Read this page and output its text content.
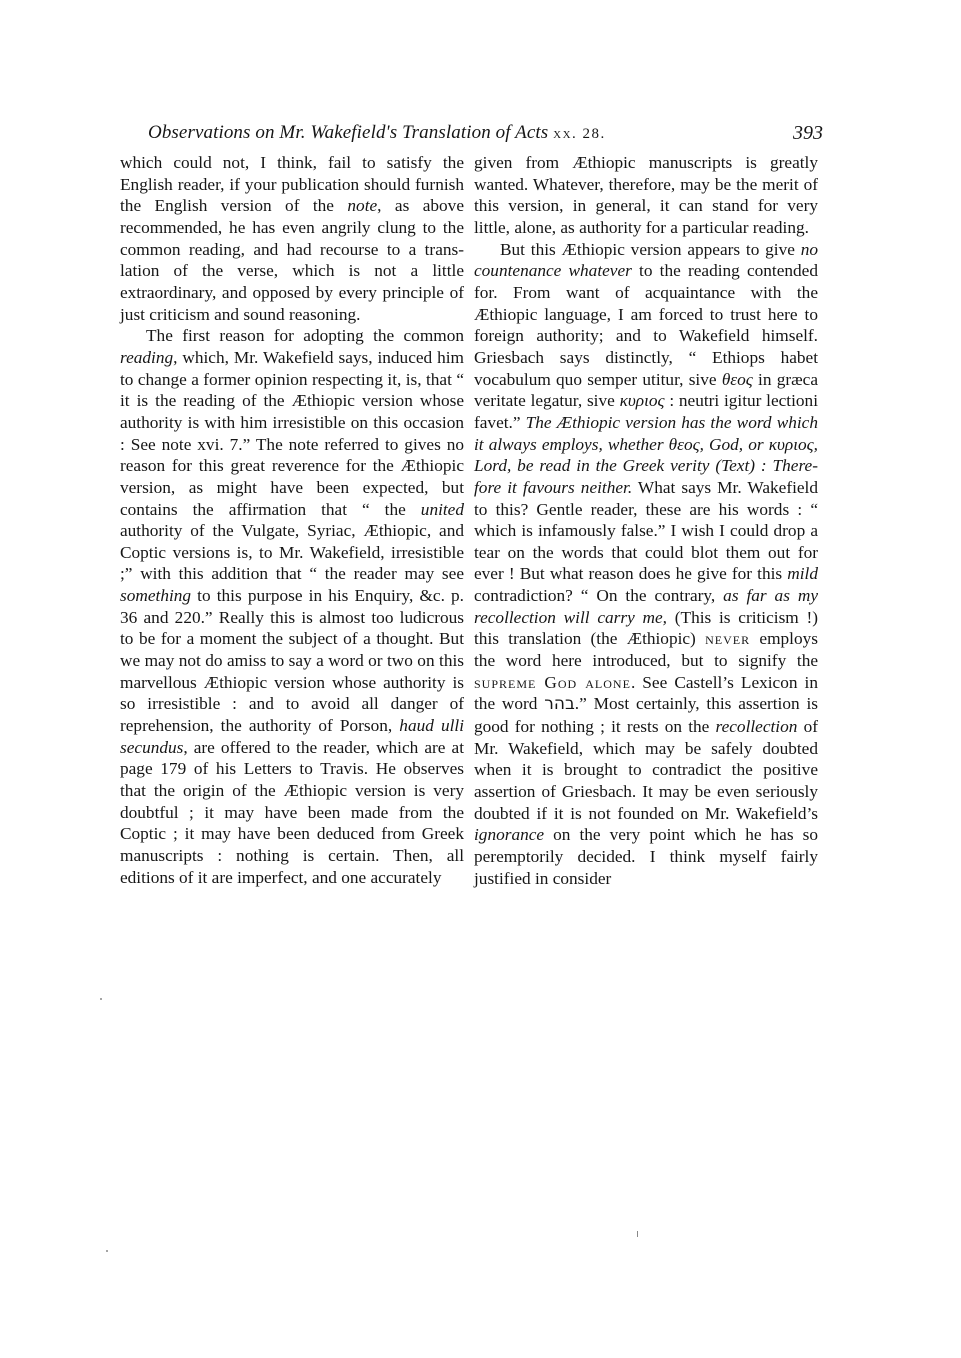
Observations on Mr. Wakefield's Translation of Acts xx. 28.	393

which could not, I think, fail to satisfy the English reader, if your publication should furnish the English version of the note, as above recommended, he has even angrily clung to the common reading, and had recourse to a translation of the verse, which is not a little extraordinary, and opposed by every principle of just criticism and sound reasoning.

The first reason for adopting the common reading, which, Mr. Wakefield says, induced him to change a former opinion respecting it, is, that “ it is the reading of the Æthiopic version whose authority is with him irresistible on this occasion : See note xvi. 7.” The note referred to gives no reason for this great reverence for the Æthiopic version, as might have been expected, but contains the affirmation that “ the united authority of the Vulgate, Syriac, Æthiopic, and Coptic versions is, to Mr. Wakefield, irresistible ;” with this addition that “ the reader may see something to this purpose in his Enquiry, &c. p. 36 and 220.” Really this is almost too ludicrous to be for a moment the subject of a thought. But we may not do amiss to say a word or two on this marvellous Æthiopic version whose authority is so irresistible : and to avoid all danger of reprehension, the authority of Porson, haud ulli secundus, are offered to the reader, which are at page 179 of his Letters to Travis. He observes that the origin of the Æthiopic version is very doubtful ; it may have been made from the Coptic ; it may have been deduced from Greek manuscripts : nothing is certain. Then, all editions of it are imperfect, and one accurately

given from Æthiopic manuscripts is greatly wanted. Whatever, therefore, may be the merit of this version, in general, it can stand for very little, alone, as authority for a particular reading.

But this Æthiopic version appears to give no countenance whatever to the reading contended for. From want of acquaintance with the Æthiopic language, I am forced to trust here to foreign authority; and to Wakefield himself. Griesbach says distinctly, “ Ethiops habet vocabulum quo semper utitur, sive θεος in græca veritate legatur, sive κυριος : neutri igitur lectioni favet.” The Æthiopic version has the word which it always employs, whether θεος, God, or κυριος, Lord, be read in the Greek verity (Text) : Therefore it favours neither. What says Mr. Wakefield to this? Gentle reader, these are his words : “ which is infamously false.” I wish I could drop a tear on the words that could blot them out for ever ! But what reason does he give for this mild contradiction? “ On the contrary, as far as my recollection will carry me, (This is criticism !) this translation (the Æthiopic) never employs the word here introduced, but to signify the supreme God alone. See Castell’s Lexicon in the word בהר.” Most certainly, this assertion is good for nothing ; it rests on the recollection of Mr. Wakefield, which may be safely doubted when it is brought to contradict the positive assertion of Griesbach. It may be even seriously doubted if it is not founded on Mr. Wakefield’s ignorance on the very point which he has so peremptorily decided. I think myself fairly justified in consider
